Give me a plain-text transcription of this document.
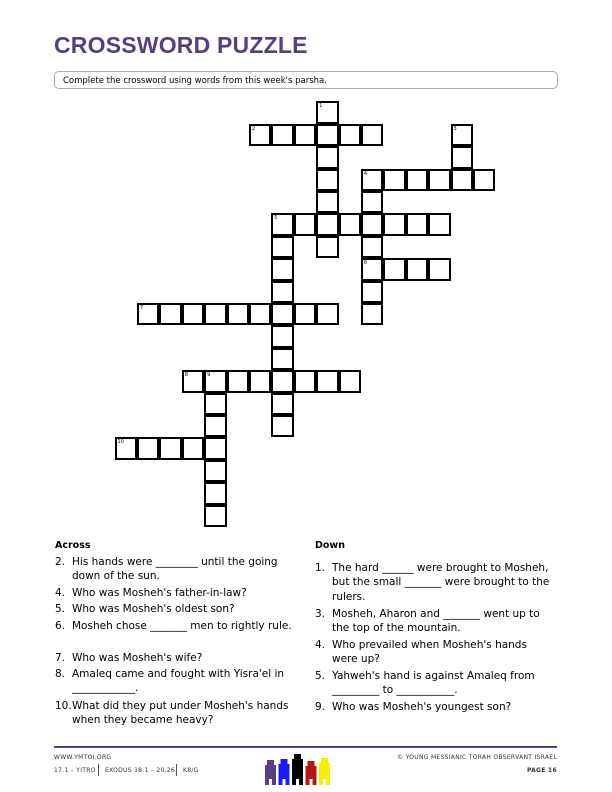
CROSSWORD PUZZLE
Complete the crossword using words from this week's parsha.
1
2	3
4
6
5
7
8	9
10
Across
2. His hands were ________ until the going down of the sun.
4. Who was Mosheh's father-in-law?
5. Who was Mosheh's oldest son?
6. Mosheh chose _______ men to rightly rule.
7. Who was Mosheh's wife?
8. Amaleq came and fought with Yisra'el in ____________.
10. What did they put under Mosheh's hands when they became heavy?
Down
1. The hard ______ were brought to Mosheh, but the small _______ were brought to the rulers.
3. Mosheh, Aharon and _______ went up to the top of the mountain.
4. Who prevailed when Mosheh's hands were up?
5. Yahweh's hand is against Amaleq from _________ to ___________.
9. Who was Mosheh's youngest son?
WWW.YMTOI.ORG
17.1 – YITRO EXODUS 18.1 – 20.26 K8/G
© YOUNG MESSIANIC TORAH OBSERVANT ISRAEL
PAGE 16
